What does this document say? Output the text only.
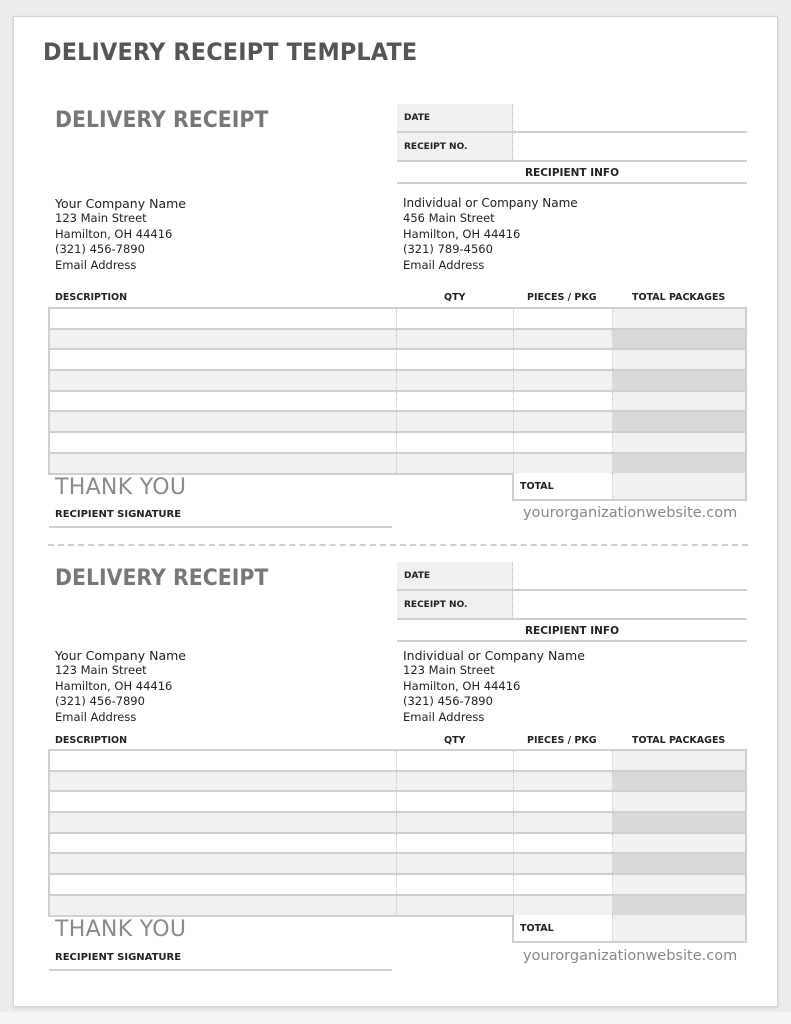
DELIVERY RECEIPT TEMPLATE
DELIVERY RECEIPT	DATE
RECEIPT NO.
RECIPIENT INFO
Your Company Name
123 Main Street
Hamilton, OH 44416
(321) 456-7890
Email Address
Individual or Company Name
456 Main Street
Hamilton, OH 44416
(321) 789-4560
Email Address
DESCRIPTION	QTY	PIECES / PKG	TOTAL PACKAGES
THANK YOU	TOTAL
RECIPIENT SIGNATURE	yourorganizationwebsite.com
DELIVERY RECEIPT	DATE
RECEIPT NO.
RECIPIENT INFO
Your Company Name
123 Main Street
Hamilton, OH 44416
(321) 456-7890
Email Address
Individual or Company Name
123 Main Street
Hamilton, OH 44416
(321) 456-7890
Email Address
DESCRIPTION	QTY	PIECES / PKG	TOTAL PACKAGES
THANK YOU	TOTAL
RECIPIENT SIGNATURE	yourorganizationwebsite.com
